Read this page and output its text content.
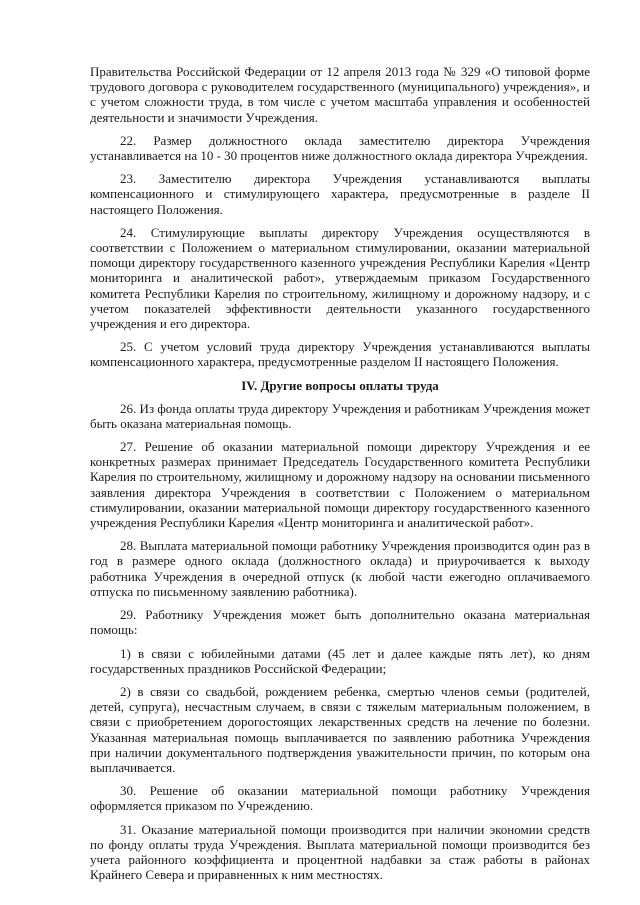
Правительства Российской Федерации от 12 апреля 2013 года № 329 «О типовой форме трудового договора с руководителем государственного (муниципального) учреждения», и с учетом сложности труда, в том числе с учетом масштаба управления и особенностей деятельности и значимости Учреждения.

22. Размер должностного оклада заместителю директора Учреждения устанавливается на 10 - 30 процентов ниже должностного оклада директора Учреждения.

23. Заместителю директора Учреждения устанавливаются выплаты компенсационного и стимулирующего характера, предусмотренные в разделе II настоящего Положения.

24. Стимулирующие выплаты директору Учреждения осуществляются в соответствии с Положением о материальном стимулировании, оказании материальной помощи директору государственного казенного учреждения Республики Карелия «Центр мониторинга и аналитической работ», утверждаемым приказом Государственного комитета Республики Карелия по строительному, жилищному и дорожному надзору, и с учетом показателей эффективности деятельности указанного государственного учреждения и его директора.

25. С учетом условий труда директору Учреждения устанавливаются выплаты компенсационного характера, предусмотренные разделом II настоящего Положения.

IV. Другие вопросы оплаты труда

26. Из фонда оплаты труда директору Учреждения и работникам Учреждения может быть оказана материальная помощь.

27. Решение об оказании материальной помощи директору Учреждения и ее конкретных размерах принимает Председатель Государственного комитета Республики Карелия по строительному, жилищному и дорожному надзору на основании письменного заявления директора Учреждения в соответствии с Положением о материальном стимулировании, оказании материальной помощи директору государственного казенного учреждения Республики Карелия «Центр мониторинга и аналитической работ».

28. Выплата материальной помощи работнику Учреждения производится один раз в год в размере одного оклада (должностного оклада) и приурочивается к выходу работника Учреждения в очередной отпуск (к любой части ежегодно оплачиваемого отпуска по письменному заявлению работника).

29. Работнику Учреждения может быть дополнительно оказана материальная помощь:

1) в связи с юбилейными датами (45 лет и далее каждые пять лет), ко дням государственных праздников Российской Федерации;

2) в связи со свадьбой, рождением ребенка, смертью членов семьи (родителей, детей, супруга), несчастным случаем, в связи с тяжелым материальным положением, в связи с приобретением дорогостоящих лекарственных средств на лечение по болезни. Указанная материальная помощь выплачивается по заявлению работника Учреждения при наличии документального подтверждения уважительности причин, по которым она выплачивается.

30. Решение об оказании материальной помощи работнику Учреждения оформляется приказом по Учреждению.

31. Оказание материальной помощи производится при наличии экономии средств по фонду оплаты труда Учреждения. Выплата материальной помощи производится без учета районного коэффициента и процентной надбавки за стаж работы в районах Крайнего Севера и приравненных к ним местностях.
